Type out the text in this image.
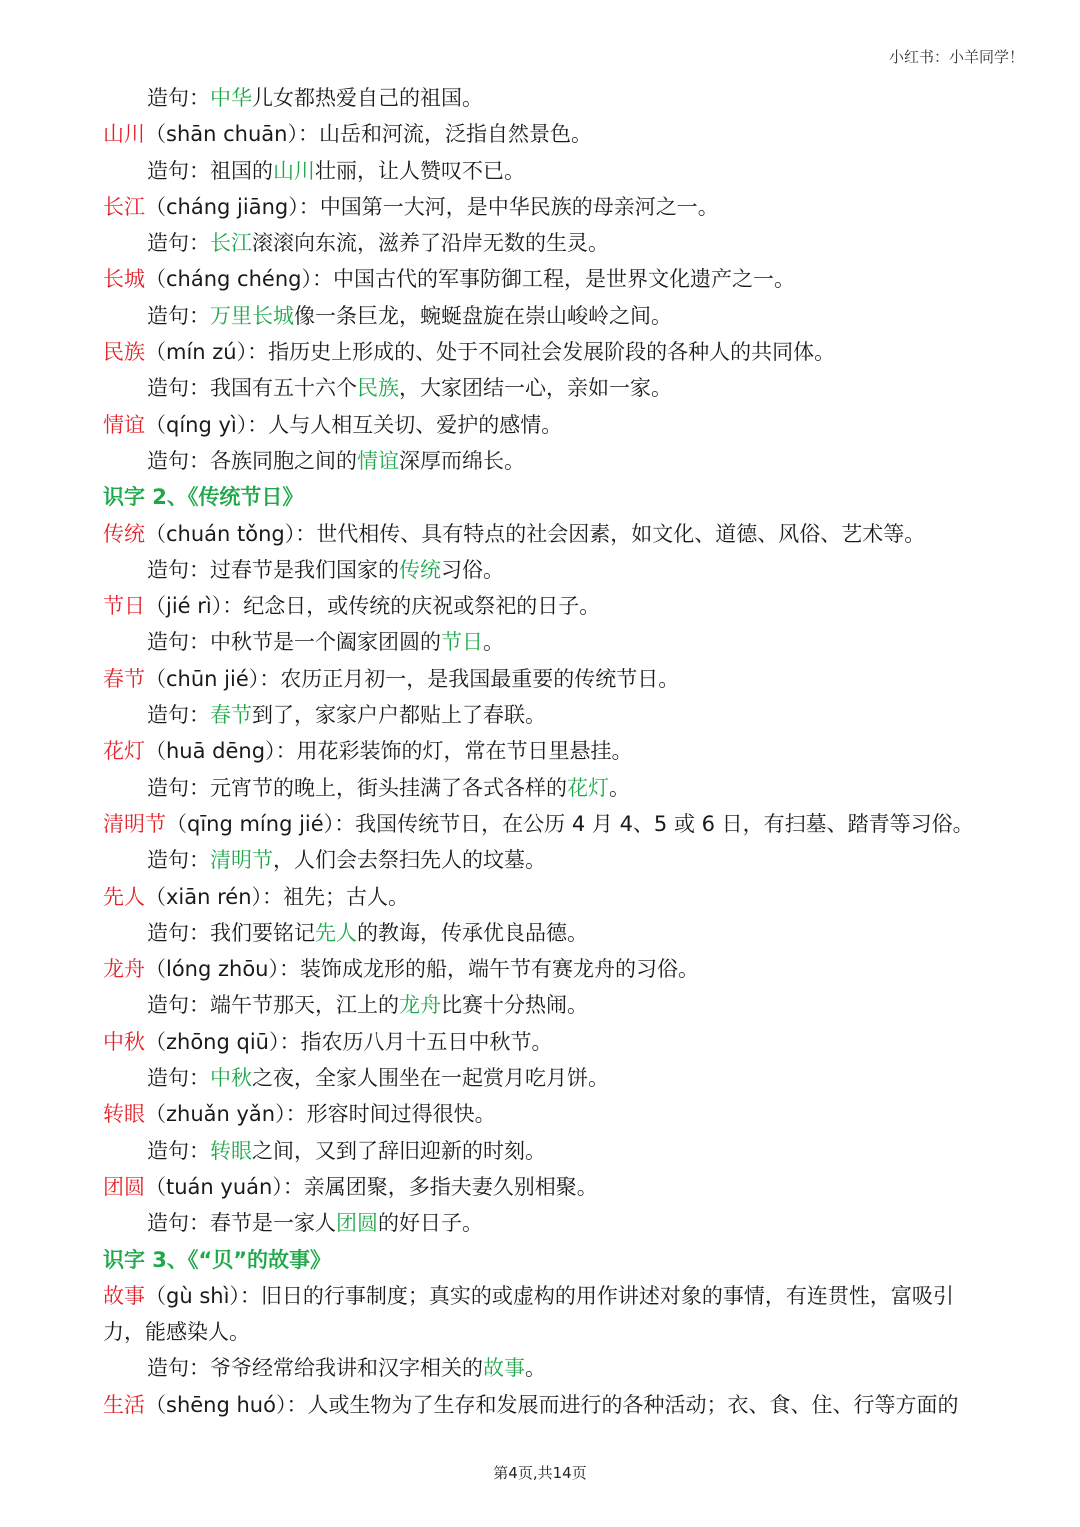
小红书：小羊同学！
造句：中华儿女都热爱自己的祖国。
山川（shān chuān）：山岳和河流，泛指自然景色。
造句：祖国的山川壮丽，让人赞叹不已。
长江（cháng jiāng）：中国第一大河，是中华民族的母亲河之一。
造句：长江滚滚向东流，滋养了沿岸无数的生灵。
长城（cháng chéng）：中国古代的军事防御工程，是世界文化遗产之一。
造句：万里长城像一条巨龙，蜿蜒盘旋在崇山峻岭之间。
民族（mín zú）：指历史上形成的、处于不同社会发展阶段的各种人的共同体。
造句：我国有五十六个民族，大家团结一心，亲如一家。
情谊（qíng yì）：人与人相互关切、爱护的感情。
造句：各族同胞之间的情谊深厚而绵长。
识字 2、《传统节日》
传统（chuán tǒng）：世代相传、具有特点的社会因素，如文化、道德、风俗、艺术等。
造句：过春节是我们国家的传统习俗。
节日（jié rì）：纪念日，或传统的庆祝或祭祀的日子。
造句：中秋节是一个阖家团圆的节日。
春节（chūn jié）：农历正月初一，是我国最重要的传统节日。
造句：春节到了，家家户户都贴上了春联。
花灯（huā dēng）：用花彩装饰的灯，常在节日里悬挂。
造句：元宵节的晚上，街头挂满了各式各样的花灯。
清明节（qīng míng jié）：我国传统节日，在公历 4 月 4、5 或 6 日，有扫墓、踏青等习俗。
造句：清明节，人们会去祭扫先人的坟墓。
先人（xiān rén）：祖先；古人。
造句：我们要铭记先人的教诲，传承优良品德。
龙舟（lóng zhōu）：装饰成龙形的船，端午节有赛龙舟的习俗。
造句：端午节那天，江上的龙舟比赛十分热闹。
中秋（zhōng qiū）：指农历八月十五日中秋节。
造句：中秋之夜，全家人围坐在一起赏月吃月饼。
转眼（zhuǎn yǎn）：形容时间过得很快。
造句：转眼之间，又到了辞旧迎新的时刻。
团圆（tuán yuán）：亲属团聚，多指夫妻久别相聚。
造句：春节是一家人团圆的好日子。
识字 3、《“贝”的故事》
故事（gù shì）：旧日的行事制度；真实的或虚构的用作讲述对象的事情，有连贯性，富吸引力，能感染人。
造句：爷爷经常给我讲和汉字相关的故事。
生活（shēng huó）：人或生物为了生存和发展而进行的各种活动；衣、食、住、行等方面的
第4页,共14页
